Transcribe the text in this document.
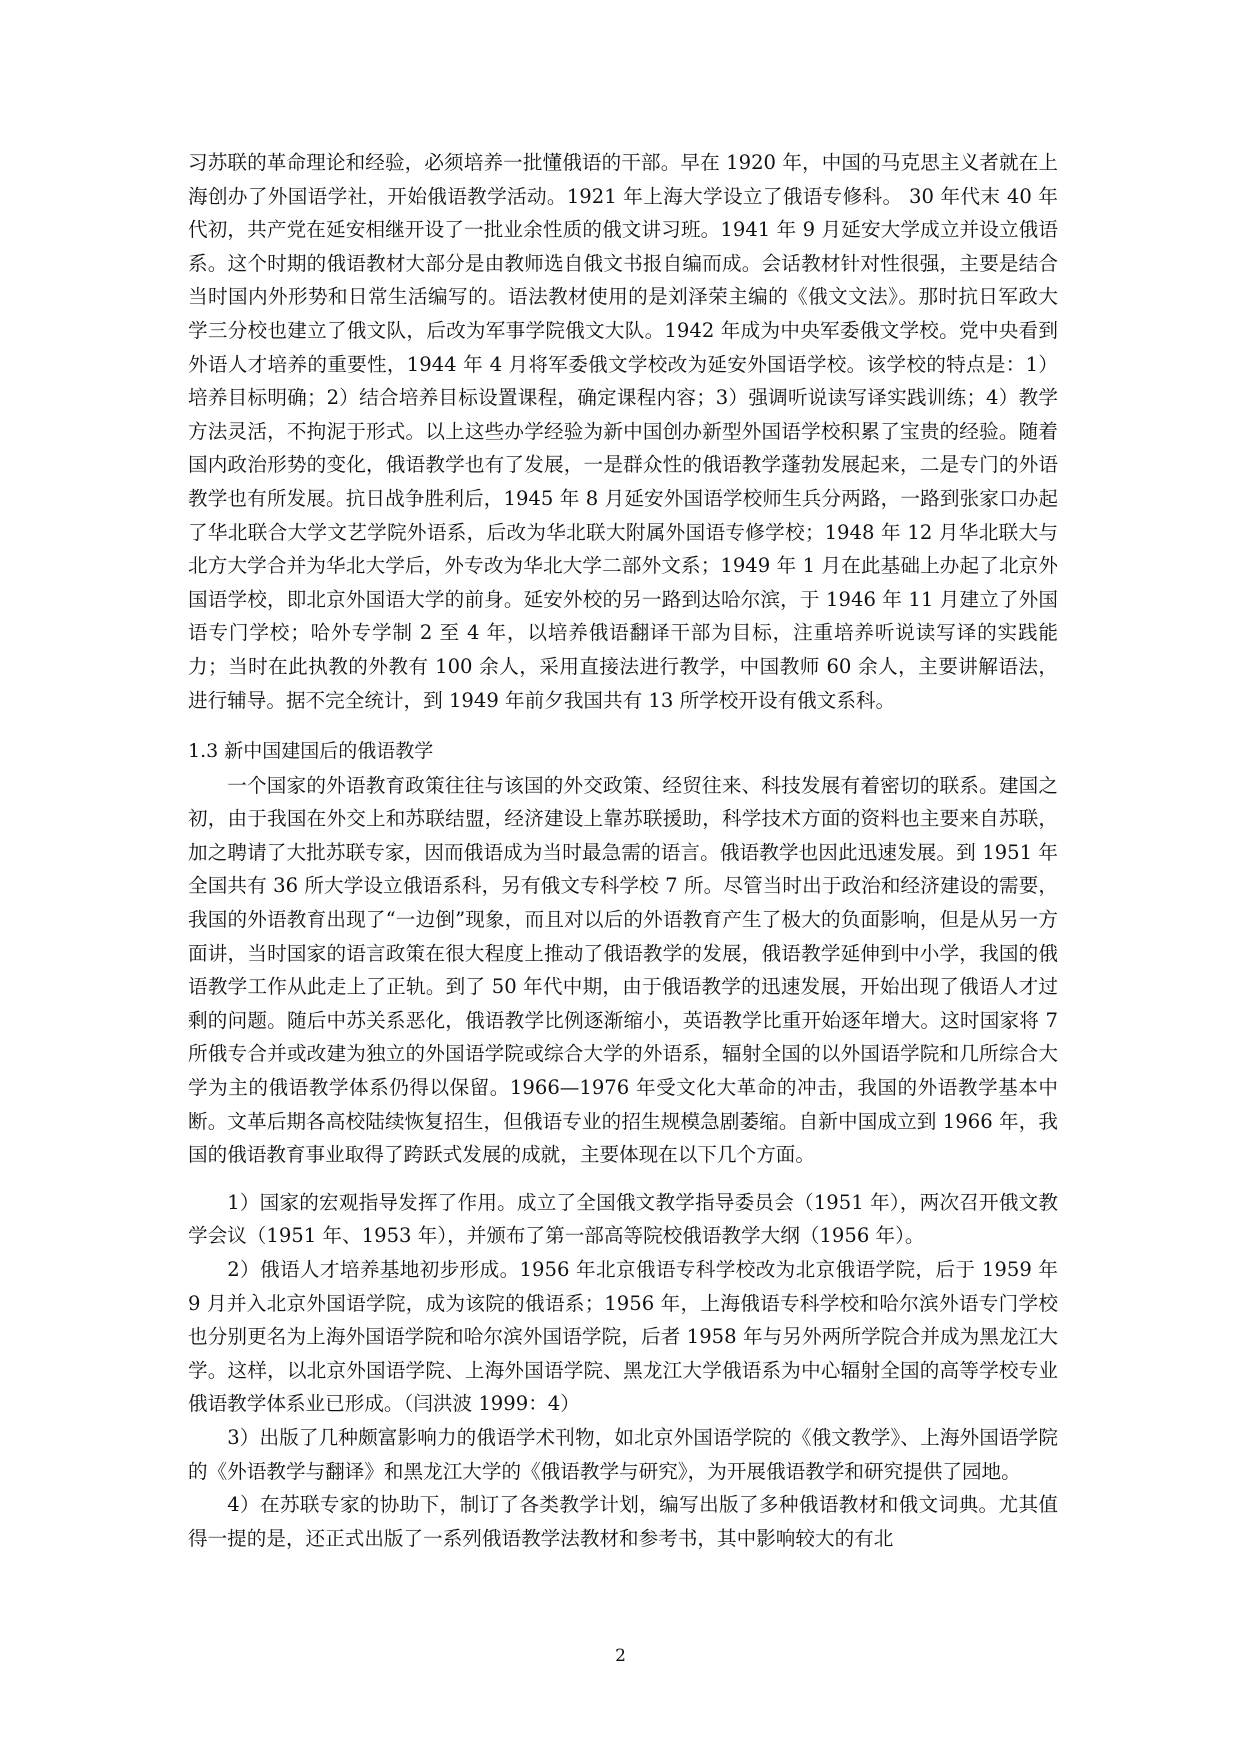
习苏联的革命理论和经验，必须培养一批懂俄语的干部。早在 1920 年，中国的马克思主义者就在上海创办了外国语学社，开始俄语教学活动。1921 年上海大学设立了俄语专修科。 30 年代末 40 年代初，共产党在延安相继开设了一批业余性质的俄文讲习班。1941 年 9 月延安大学成立并设立俄语系。这个时期的俄语教材大部分是由教师选自俄文书报自编而成。会话教材针对性很强，主要是结合当时国内外形势和日常生活编写的。语法教材使用的是刘泽荣主编的《俄文文法》。那时抗日军政大学三分校也建立了俄文队，后改为军事学院俄文大队。1942 年成为中央军委俄文学校。党中央看到外语人才培养的重要性，1944 年 4 月将军委俄文学校改为延安外国语学校。该学校的特点是：1）培养目标明确；2）结合培养目标设置课程，确定课程内容；3）强调听说读写译实践训练；4）教学方法灵活，不拘泥于形式。以上这些办学经验为新中国创办新型外国语学校积累了宝贵的经验。随着国内政治形势的变化，俄语教学也有了发展，一是群众性的俄语教学蓬勃发展起来，二是专门的外语教学也有所发展。抗日战争胜利后，1945 年 8 月延安外国语学校师生兵分两路，一路到张家口办起了华北联合大学文艺学院外语系，后改为华北联大附属外国语专修学校；1948 年 12 月华北联大与北方大学合并为华北大学后，外专改为华北大学二部外文系；1949 年 1 月在此基础上办起了北京外国语学校，即北京外国语大学的前身。延安外校的另一路到达哈尔滨，于 1946 年 11 月建立了外国语专门学校；哈外专学制 2 至 4 年，以培养俄语翻译干部为目标，注重培养听说读写译的实践能力；当时在此执教的外教有 100 余人，采用直接法进行教学，中国教师 60 余人，主要讲解语法，进行辅导。据不完全统计，到 1949 年前夕我国共有 13 所学校开设有俄文系科。

1.3 新中国建国后的俄语教学

一个国家的外语教育政策往往与该国的外交政策、经贸往来、科技发展有着密切的联系。建国之初，由于我国在外交上和苏联结盟，经济建设上靠苏联援助，科学技术方面的资料也主要来自苏联，加之聘请了大批苏联专家，因而俄语成为当时最急需的语言。俄语教学也因此迅速发展。到 1951 年全国共有 36 所大学设立俄语系科，另有俄文专科学校 7 所。尽管当时出于政治和经济建设的需要，我国的外语教育出现了“一边倒”现象，而且对以后的外语教育产生了极大的负面影响，但是从另一方面讲，当时国家的语言政策在很大程度上推动了俄语教学的发展，俄语教学延伸到中小学，我国的俄语教学工作从此走上了正轨。到了 50 年代中期，由于俄语教学的迅速发展，开始出现了俄语人才过剩的问题。随后中苏关系恶化，俄语教学比例逐渐缩小，英语教学比重开始逐年增大。这时国家将 7 所俄专合并或改建为独立的外国语学院或综合大学的外语系，辐射全国的以外国语学院和几所综合大学为主的俄语教学体系仍得以保留。1966—1976 年受文化大革命的冲击，我国的外语教学基本中断。文革后期各高校陆续恢复招生，但俄语专业的招生规模急剧萎缩。自新中国成立到 1966 年，我国的俄语教育事业取得了跨跃式发展的成就，主要体现在以下几个方面。

1）国家的宏观指导发挥了作用。成立了全国俄文教学指导委员会（1951 年），两次召开俄文教学会议（1951 年、1953 年），并颁布了第一部高等院校俄语教学大纲（1956 年）。

2）俄语人才培养基地初步形成。1956 年北京俄语专科学校改为北京俄语学院，后于 1959 年 9 月并入北京外国语学院，成为该院的俄语系；1956 年，上海俄语专科学校和哈尔滨外语专门学校也分别更名为上海外国语学院和哈尔滨外国语学院，后者 1958 年与另外两所学院合并成为黑龙江大学。这样，以北京外国语学院、上海外国语学院、黑龙江大学俄语系为中心辐射全国的高等学校专业俄语教学体系业已形成。（闫洪波 1999：4）

3）出版了几种颇富影响力的俄语学术刊物，如北京外国语学院的《俄文教学》、上海外国语学院的《外语教学与翻译》和黑龙江大学的《俄语教学与研究》，为开展俄语教学和研究提供了园地。

4）在苏联专家的协助下，制订了各类教学计划，编写出版了多种俄语教材和俄文词典。尤其值得一提的是，还正式出版了一系列俄语教学法教材和参考书，其中影响较大的有北

2
